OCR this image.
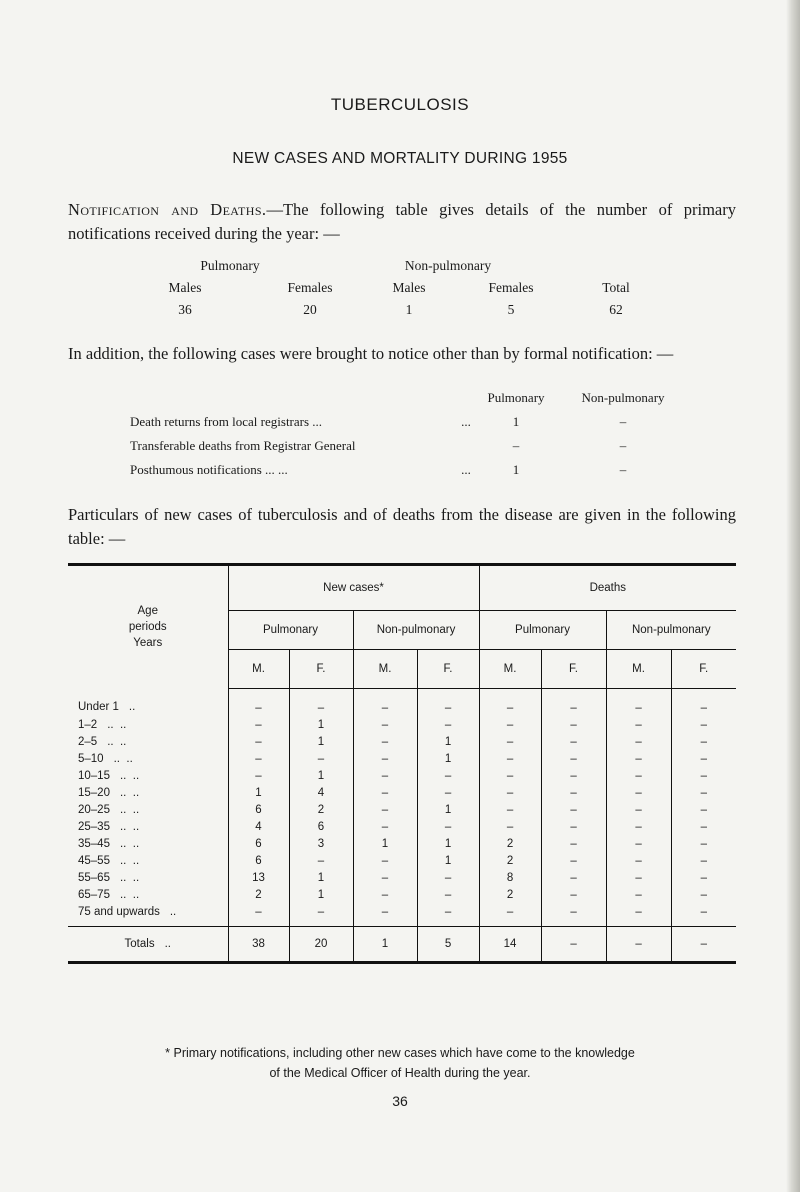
TUBERCULOSIS
NEW CASES AND MORTALITY DURING 1955
Notification and Deaths.—The following table gives details of the number of primary notifications received during the year: —
Pulmonary	Non-pulmonary
Males	Females	Males	Females	Total
36	20	1	5	62
In addition, the following cases were brought to notice other than by formal notification: —
Pulmonary	Non-pulmonary
Death returns from local registrars ...	...	1	–
Transferable deaths from Registrar General	–	–
Posthumous notifications ... ...	...	1	–
Particulars of new cases of tuberculosis and of deaths from the disease are given in the following table: —
Age
periods
Years	New cases*				Deaths			
	Pulmonary		Non-pulmonary		Pulmonary		Non-pulmonary	
	M.	F.	M.	F.	M.	F.	M.	F.
Under 1 ..	–	–	–	–	–	–	–	–
1–2 ..  ..	–	1	–	–	–	–	–	–
2–5 ..  ..	–	1	–	1	–	–	–	–
5–10 ..  ..	–	–	–	1	–	–	–	–
10–15 ..  ..	–	1	–	–	–	–	–	–
15–20 ..  ..	1	4	–	–	–	–	–	–
20–25 ..  ..	6	2	–	1	–	–	–	–
25–35 ..  ..	4	6	–	–	–	–	–	–
35–45 ..  ..	6	3	1	1	2	–	–	–
45–55 ..  ..	6	–	–	1	2	–	–	–
55–65 ..  ..	13	1	–	–	8	–	–	–
65–75 ..  ..	2	1	–	–	2	–	–	–
75 and upwards ..	–	–	–	–	–	–	–	–
Totals ..	38	20	1	5	14	–	–	–
* Primary notifications, including other new cases which have come to the knowledge
of the Medical Officer of Health during the year.
36
